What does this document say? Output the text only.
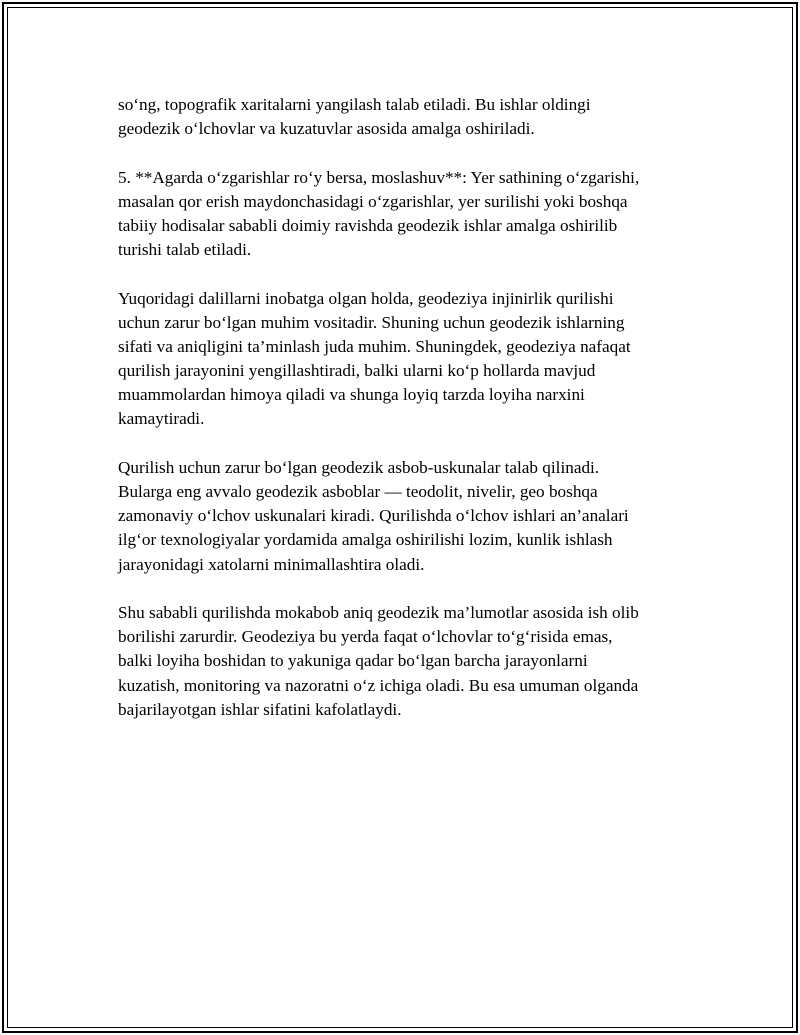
so‘ng, topografik xaritalarni yangilash talab etiladi. Bu ishlar oldingi
geodezik o‘lchovlar va kuzatuvlar asosida amalga oshiriladi.

5. **Agarda o‘zgarishlar ro‘y bersa, moslashuv**: Yer sathining o‘zgarishi,
masalan qor erish maydonchasidagi o‘zgarishlar, yer surilishi yoki boshqa
tabiiy hodisalar sababli doimiy ravishda geodezik ishlar amalga oshirilib
turishi talab etiladi.

Yuqoridagi dalillarni inobatga olgan holda, geodeziya injinirlik qurilishi
uchun zarur bo‘lgan muhim vositadir. Shuning uchun geodezik ishlarning
sifati va aniqligini ta’minlash juda muhim. Shuningdek, geodeziya nafaqat
qurilish jarayonini yengillashtiradi, balki ularni ko‘p hollarda mavjud
muammolardan himoya qiladi va shunga loyiq tarzda loyiha narxini
kamaytiradi.

Qurilish uchun zarur bo‘lgan geodezik asbob-uskunalar talab qilinadi.
Bularga eng avvalo geodezik asboblar — teodolit, nivelir, geo boshqa
zamonaviy o‘lchov uskunalari kiradi. Qurilishda o‘lchov ishlari an’analari
ilg‘or texnologiyalar yordamida amalga oshirilishi lozim, kunlik ishlash
jarayonidagi xatolarni minimallashtira oladi.

Shu sababli qurilishda mokabob aniq geodezik ma’lumotlar asosida ish olib
borilishi zarurdir. Geodeziya bu yerda faqat o‘lchovlar to‘g‘risida emas,
balki loyiha boshidan to yakuniga qadar bo‘lgan barcha jarayonlarni
kuzatish, monitoring va nazoratni o‘z ichiga oladi. Bu esa umuman olganda
bajarilayotgan ishlar sifatini kafolatlaydi.
